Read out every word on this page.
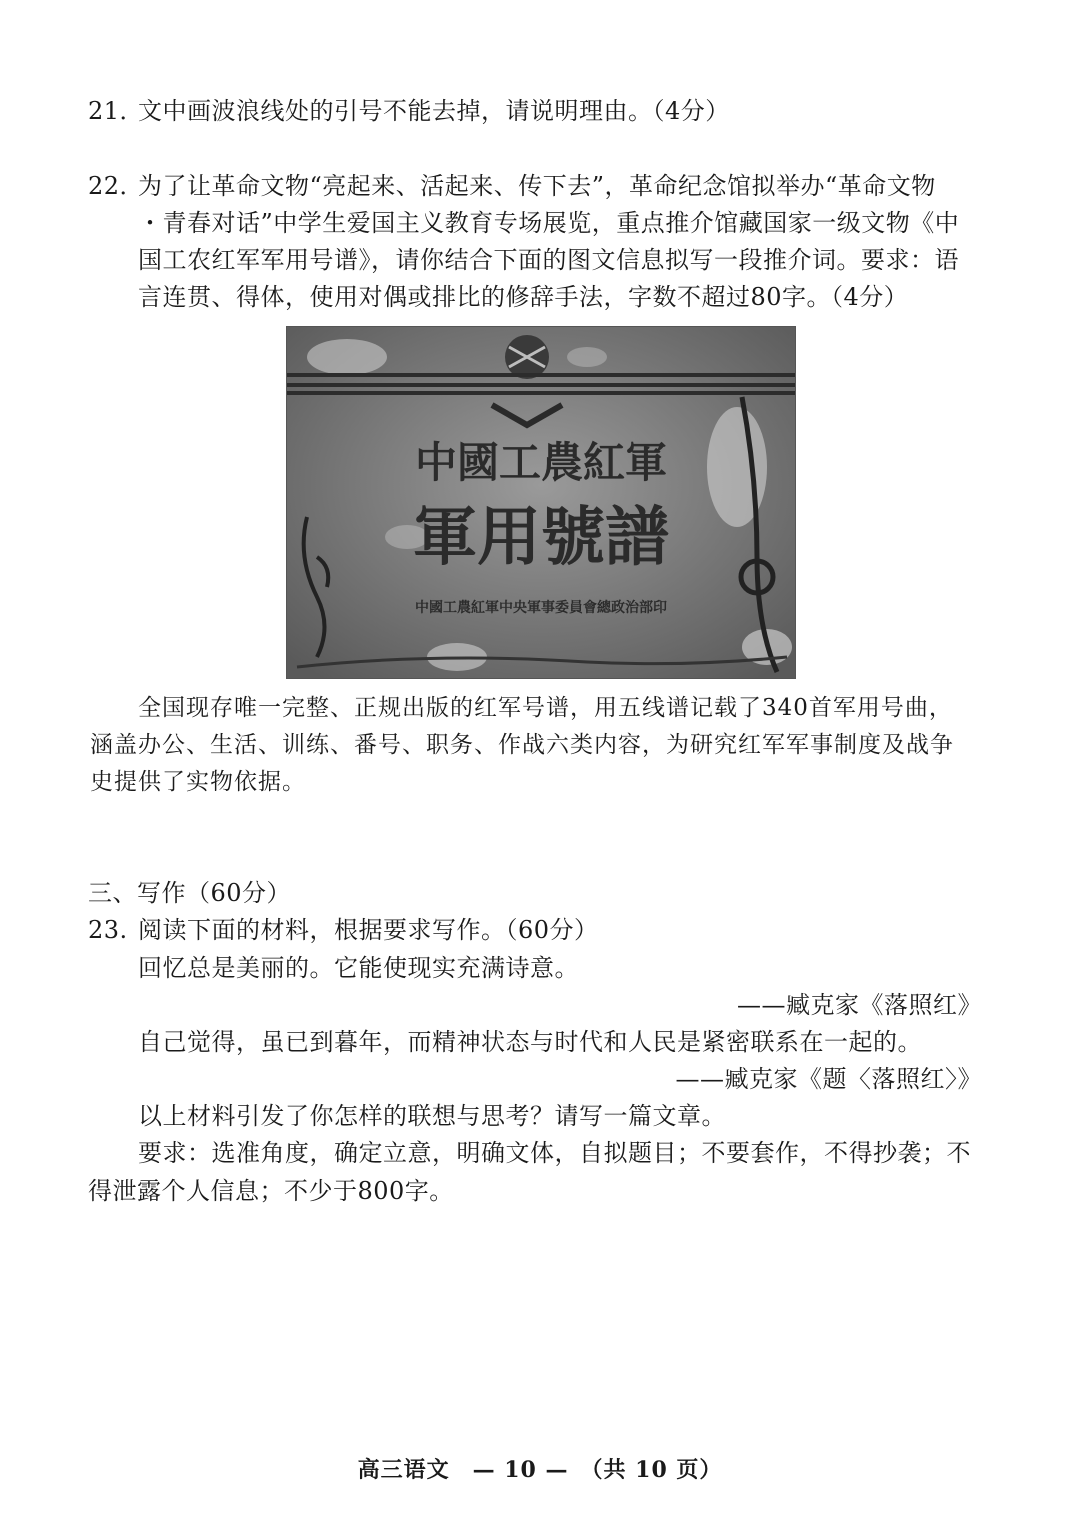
21．文中画波浪线处的引号不能去掉，请说明理由。（4分）
22．为了让革命文物“亮起来、活起来、传下去”，革命纪念馆拟举办“革命文物
・青春对话”中学生爱国主义教育专场展览，重点推介馆藏国家一级文物《中
国工农红军军用号谱》，请你结合下面的图文信息拟写一段推介词。要求：语
言连贯、得体，使用对偶或排比的修辞手法，字数不超过80字。（4分）
中國工農紅軍
軍用號譜
中國工農紅軍中央軍事委員會總政治部印
全国现存唯一完整、正规出版的红军号谱，用五线谱记载了340首军用号曲，
涵盖办公、生活、训练、番号、职务、作战六类内容，为研究红军军事制度及战争
史提供了实物依据。
三、写作（60分）
23. 阅读下面的材料，根据要求写作。（60分）
回忆总是美丽的。它能使现实充满诗意。
——臧克家《落照红》
自己觉得，虽已到暮年，而精神状态与时代和人民是紧密联系在一起的。
——臧克家《题〈落照红〉》
以上材料引发了你怎样的联想与思考？请写一篇文章。
要求：选准角度，确定立意，明确文体，自拟题目；不要套作，不得抄袭；不
得泄露个人信息；不少于800字。
高三语文　— 10 —　（共 10 页）
